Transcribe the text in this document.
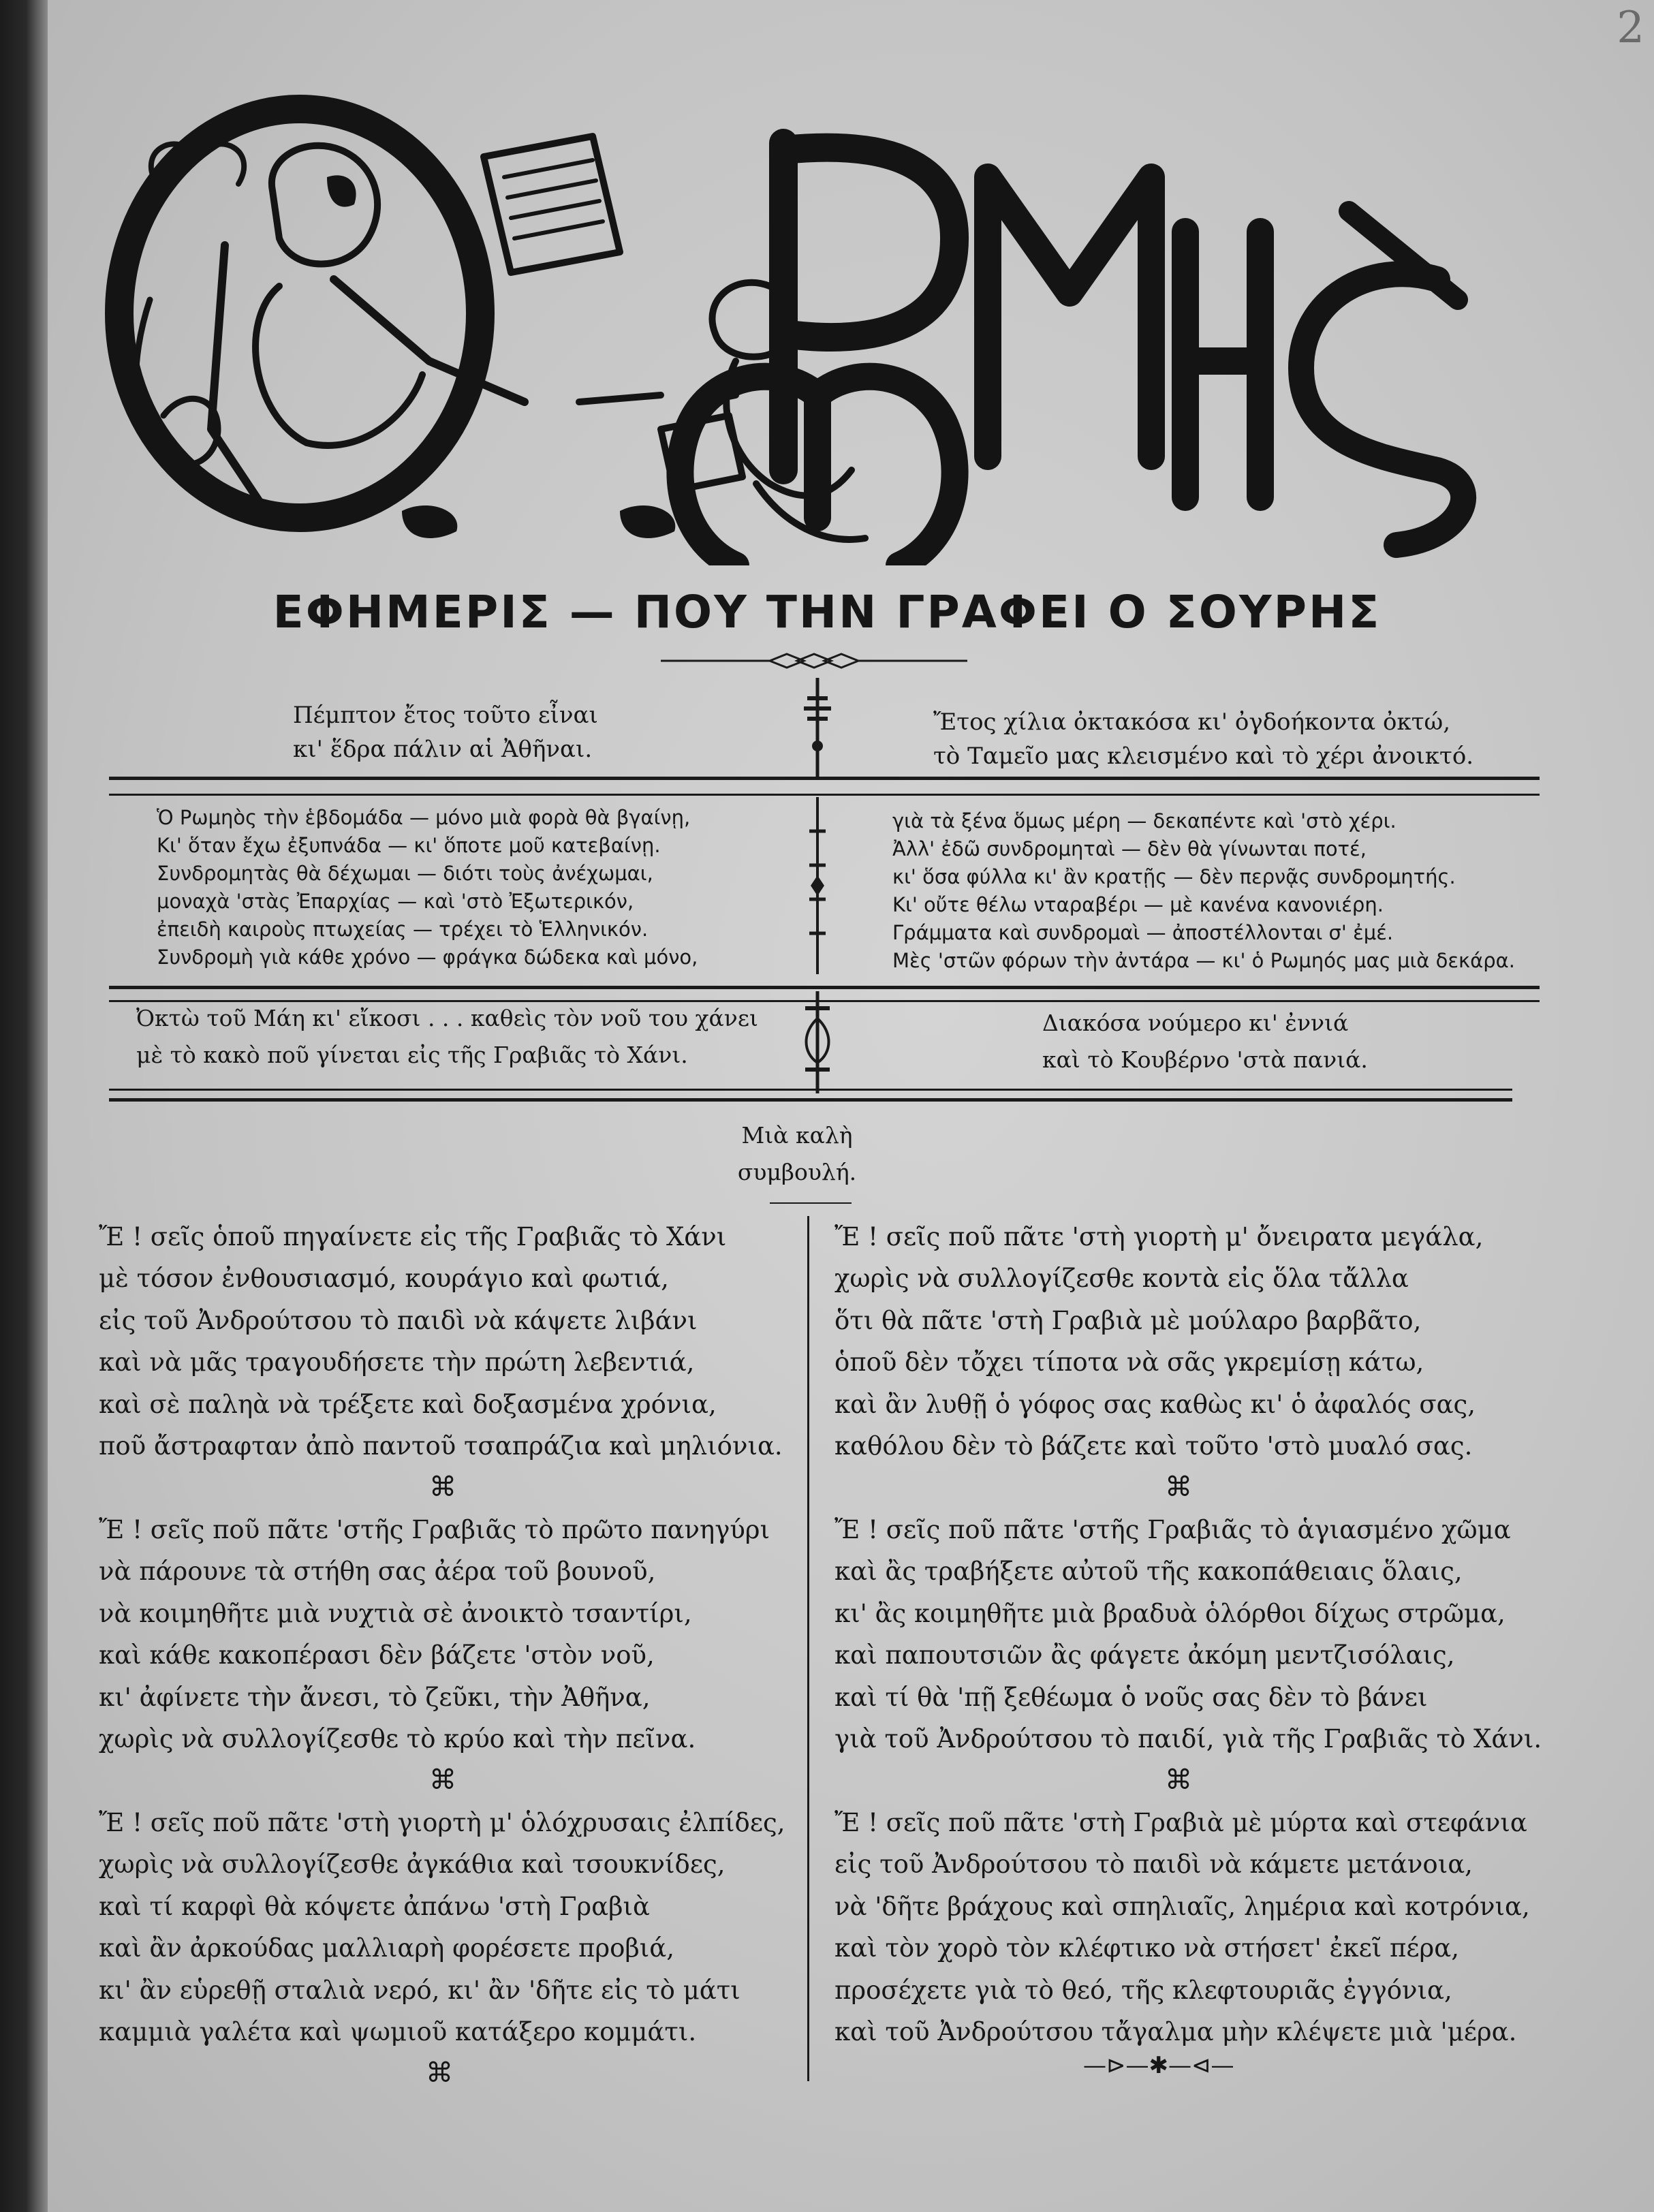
2
ΕΦΗΜΕΡΙΣ — ΠΟΥ ΤΗΝ ΓΡΑΦΕΙ Ο ΣΟΥΡΗΣ
Πέμπτον ἔτος τοῦτο εἶναι
κι' ἕδρα πάλιν αἱ Ἀθῆναι.
Ἔτος χίλια ὀκτακόσα κι' ὀγδοήκοντα ὀκτώ,
τὸ Ταμεῖο μας κλεισμένο καὶ τὸ χέρι ἀνοικτό.
Ὁ Ρωμηὸς τὴν ἑβδομάδα — μόνο μιὰ φορὰ θὰ βγαίνῃ,
Κι' ὅταν ἔχω ἐξυπνάδα — κι' ὅποτε μοῦ κατεβαίνῃ.
Συνδρομητὰς θὰ δέχωμαι — διότι τοὺς ἀνέχωμαι,
μοναχὰ 'στὰς Ἐπαρχίας — καὶ 'στὸ Ἐξωτερικόν,
ἐπειδὴ καιροὺς πτωχείας — τρέχει τὸ Ἑλληνικόν.
Συνδρομὴ γιὰ κάθε χρόνο — φράγκα δώδεκα καὶ μόνο,
γιὰ τὰ ξένα ὅμως μέρη — δεκαπέντε καὶ 'στὸ χέρι.
Ἀλλ' ἐδῶ συνδρομηταὶ — δὲν θὰ γίνωνται ποτέ,
κι' ὅσα φύλλα κι' ἂν κρατῇς — δὲν περνᾷς συνδρομητής.
Κι' οὔτε θέλω νταραβέρι — μὲ κανένα κανονιέρη.
Γράμματα καὶ συνδρομαὶ — ἀποστέλλονται σ' ἐμέ.
Μὲς 'στῶν φόρων τὴν ἀντάρα — κι' ὁ Ρωμηός μας μιὰ δεκάρα.
Ὀκτὼ τοῦ Μάη κι' εἴκοσι . . . καθεὶς τὸν νοῦ του χάνει
μὲ τὸ κακὸ ποῦ γίνεται εἰς τῆς Γραβιᾶς τὸ Χάνι.
Διακόσα νούμερο κι' ἐννιά
καὶ τὸ Κουβέρνο 'στὰ πανιά.
Μιὰ καλὴ
συμβουλή.
Ἔ ! σεῖς ὁποῦ πηγαίνετε εἰς τῆς Γραβιᾶς τὸ Χάνι
μὲ τόσον ἐνθουσιασμό, κουράγιο καὶ φωτιά,
εἰς τοῦ Ἀνδρούτσου τὸ παιδὶ νὰ κάψετε λιβάνι
καὶ νὰ μᾶς τραγουδήσετε τὴν πρώτη λεβεντιά,
καὶ σὲ παληὰ νὰ τρέξετε καὶ δοξασμένα χρόνια,
ποῦ ἄστραφταν ἀπὸ παντοῦ τσαπράζια καὶ μηλιόνια.
⌘
Ἔ ! σεῖς ποῦ πᾶτε 'στῆς Γραβιᾶς τὸ πρῶτο πανηγύρι
νὰ πάρουνε τὰ στήθη σας ἀέρα τοῦ βουνοῦ,
νὰ κοιμηθῆτε μιὰ νυχτιὰ σὲ ἀνοικτὸ τσαντίρι,
καὶ κάθε κακοπέρασι δὲν βάζετε 'στὸν νοῦ,
κι' ἀφίνετε τὴν ἄνεσι, τὸ ζεῦκι, τὴν Ἀθῆνα,
χωρὶς νὰ συλλογίζεσθε τὸ κρύο καὶ τὴν πεῖνα.
⌘
Ἔ ! σεῖς ποῦ πᾶτε 'στὴ γιορτὴ μ' ὁλόχρυσαις ἐλπίδες,
χωρὶς νὰ συλλογίζεσθε ἀγκάθια καὶ τσουκνίδες,
καὶ τί καρφὶ θὰ κόψετε ἀπάνω 'στὴ Γραβιὰ
καὶ ἂν ἀρκούδας μαλλιαρὴ φορέσετε προβιά,
κι' ἂν εὑρεθῇ σταλιὰ νερό, κι' ἂν 'δῆτε εἰς τὸ μάτι
καμμιὰ γαλέτα καὶ ψωμιοῦ κατάξερο κομμάτι.
⌘
Ἔ ! σεῖς ποῦ πᾶτε 'στὴ γιορτὴ μ' ὄνειρατα μεγάλα,
χωρὶς νὰ συλλογίζεσθε κοντὰ εἰς ὅλα τἄλλα
ὅτι θὰ πᾶτε 'στὴ Γραβιὰ μὲ μούλαρο βαρβᾶτο,
ὁποῦ δὲν τὄχει τίποτα νὰ σᾶς γκρεμίσῃ κάτω,
καὶ ἂν λυθῇ ὁ γόφος σας καθὼς κι' ὁ ἀφαλός σας,
καθόλου δὲν τὸ βάζετε καὶ τοῦτο 'στὸ μυαλό σας.
⌘
Ἔ ! σεῖς ποῦ πᾶτε 'στῆς Γραβιᾶς τὸ ἁγιασμένο χῶμα
καὶ ἂς τραβήξετε αὐτοῦ τῆς κακοπάθειαις ὅλαις,
κι' ἂς κοιμηθῆτε μιὰ βραδυὰ ὁλόρθοι δίχως στρῶμα,
καὶ παπουτσιῶν ἂς φάγετε ἀκόμη μεντζισόλαις,
καὶ τί θὰ 'πῇ ξεθέωμα ὁ νοῦς σας δὲν τὸ βάνει
γιὰ τοῦ Ἀνδρούτσου τὸ παιδί, γιὰ τῆς Γραβιᾶς τὸ Χάνι.
⌘
Ἔ ! σεῖς ποῦ πᾶτε 'στὴ Γραβιὰ μὲ μύρτα καὶ στεφάνια
εἰς τοῦ Ἀνδρούτσου τὸ παιδὶ νὰ κάμετε μετάνοια,
νὰ 'δῆτε βράχους καὶ σπηλιαῖς, λημέρια καὶ κοτρόνια,
καὶ τὸν χορὸ τὸν κλέφτικο νὰ στήσετ' ἐκεῖ πέρα,
προσέχετε γιὰ τὸ θεό, τῆς κλεφτουριᾶς ἐγγόνια,
καὶ τοῦ Ἀνδρούτσου τἄγαλμα μὴν κλέψετε μιὰ 'μέρα.
—⊳—✱—⊲—
